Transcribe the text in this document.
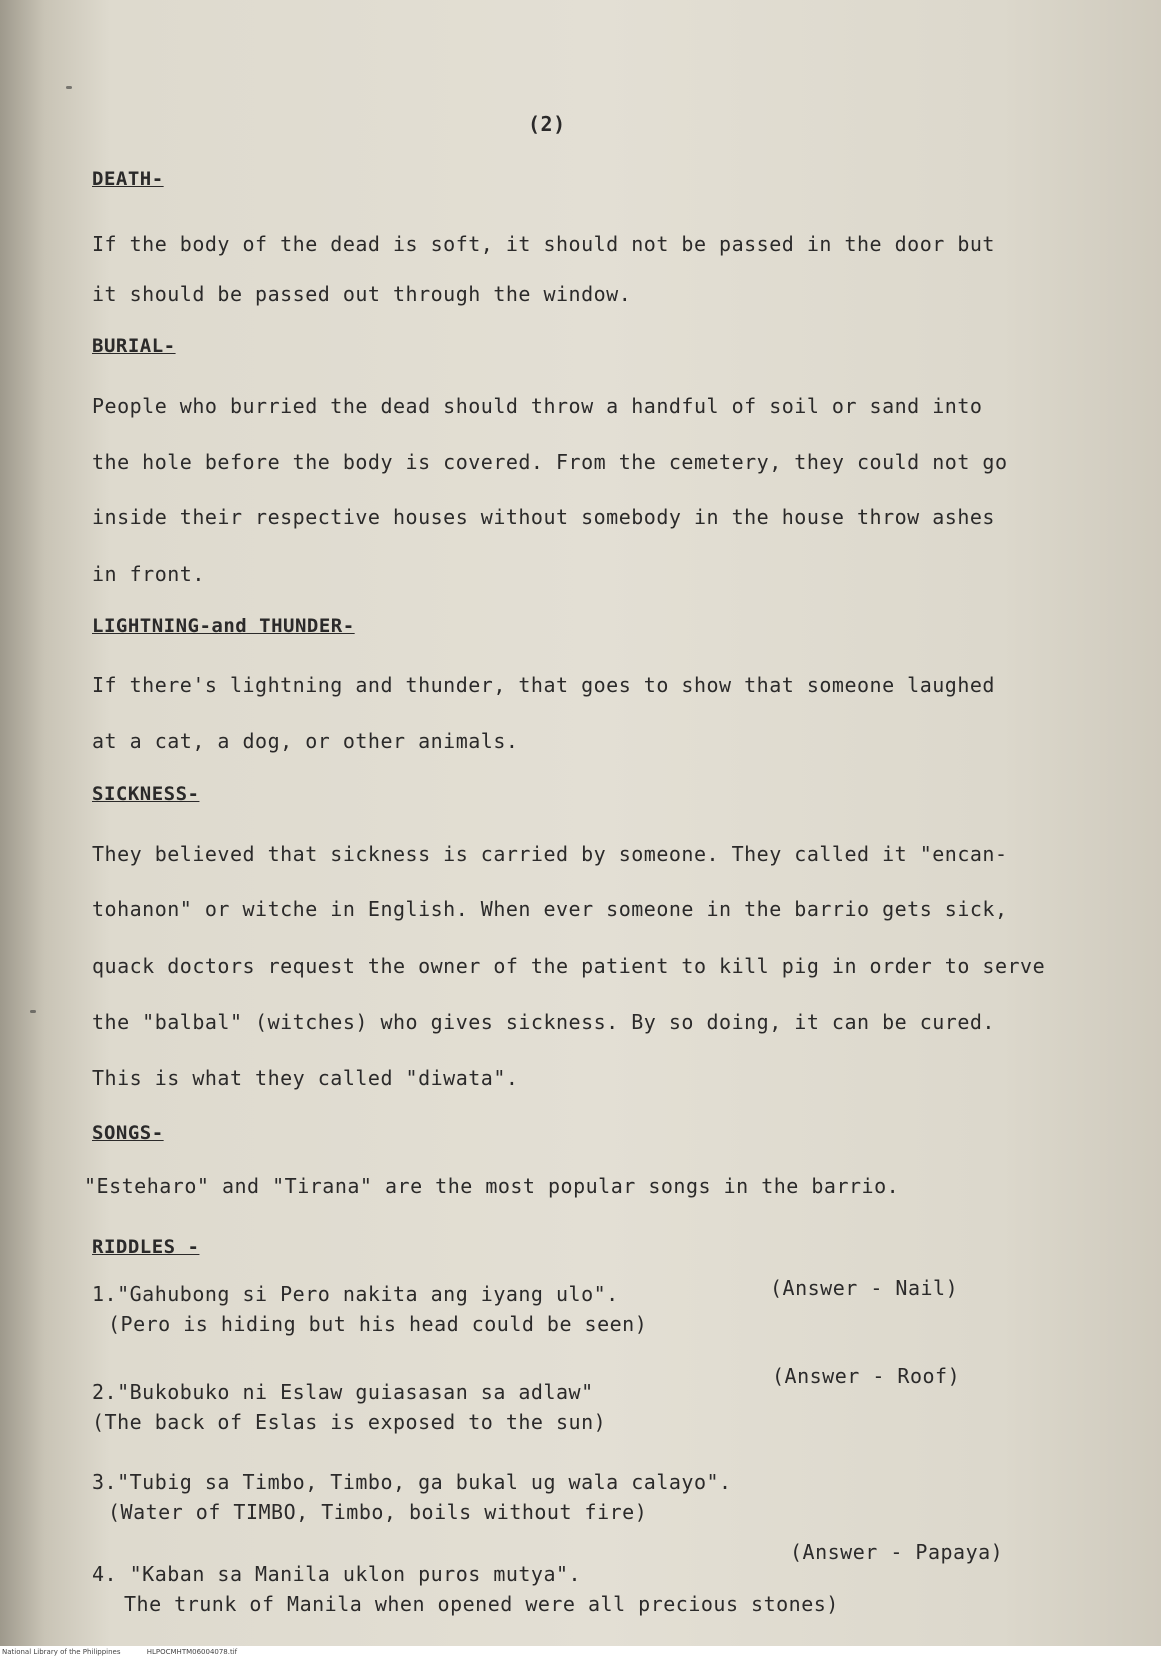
(2)
DEATH-
If the body of the dead is soft, it should not be passed in the door but
it should be passed out through the window.
BURIAL-
People who burried the dead should throw a handful of soil or sand into
the hole before the body is covered. From the cemetery, they could not go
inside their respective houses without somebody in the house throw ashes
in front.
LIGHTNING-and THUNDER-
If there's lightning and thunder, that goes to show that someone laughed
at a cat, a dog, or other animals.
SICKNESS-
They believed that sickness is carried by someone. They called it "encan-
tohanon" or witche in English. When ever someone in the barrio gets sick,
quack doctors request the owner of the patient to kill pig in order to serve
the "balbal" (witches) who gives sickness. By so doing, it can be cured.
This is what they called "diwata".
SONGS-
"Esteharo" and "Tirana" are the most popular songs in the barrio.
RIDDLES -
1."Gahubong si Pero nakita ang iyang ulo".	(Answer - Nail)
(Pero is hiding but his head could be seen)
2."Bukobuko ni Eslaw guiasasan sa adlaw"
(Answer - Roof)
(The back of Eslas is exposed to the sun)
3."Tubig sa Timbo, Timbo, ga bukal ug wala calayo".
(Water of TIMBO, Timbo, boils without fire)
4. "Kaban sa Manila uklon puros mutya".
(Answer - Papaya)
The trunk of Manila when opened were all precious stones)
National Library of the Philippines	HLPOCMHTM06004078.tif
